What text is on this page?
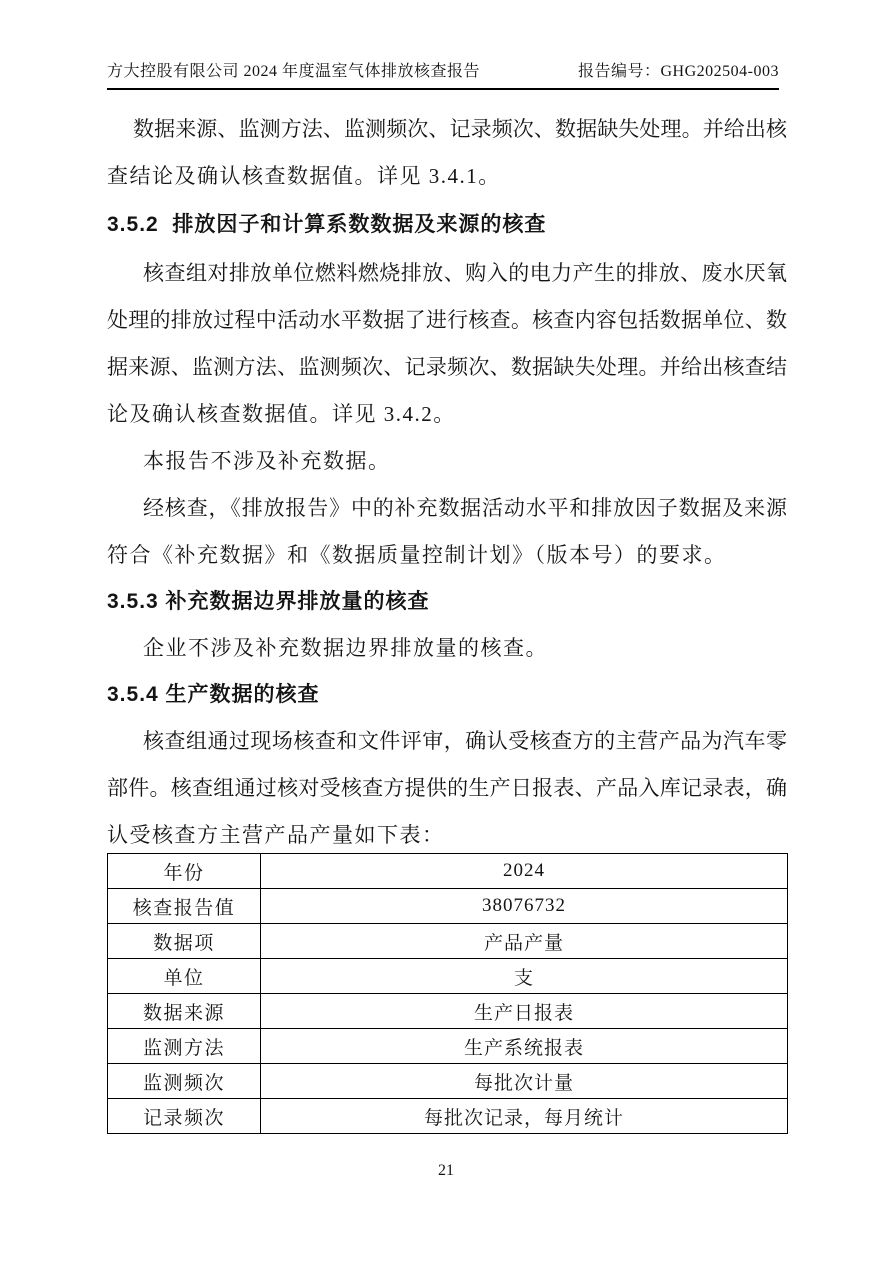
方大控股有限公司 2024 年度温室气体排放核查报告	报告编号：GHG202504-003
数据来源、监测方法、监测频次、记录频次、数据缺失处理。并给出核
查结论及确认核查数据值。详见 3.4.1。
3.5.2  排放因子和计算系数数据及来源的核查
核查组对排放单位燃料燃烧排放、购入的电力产生的排放、废水厌氧
处理的排放过程中活动水平数据了进行核查。核查内容包括数据单位、数
据来源、监测方法、监测频次、记录频次、数据缺失处理。并给出核查结
论及确认核查数据值。详见 3.4.2。
本报告不涉及补充数据。
经核查，《排放报告》中的补充数据活动水平和排放因子数据及来源
符合《补充数据》和《数据质量控制计划》（版本号）的要求。
3.5.3 补充数据边界排放量的核查
企业不涉及补充数据边界排放量的核查。
3.5.4 生产数据的核查
核查组通过现场核查和文件评审，确认受核查方的主营产品为汽车零
部件。核查组通过核对受核查方提供的生产日报表、产品入库记录表，确
认受核查方主营产品产量如下表：
年份	2024
核查报告值	38076732
数据项	产品产量
单位	支
数据来源	生产日报表
监测方法	生产系统报表
监测频次	每批次计量
记录频次	每批次记录，每月统计
21
